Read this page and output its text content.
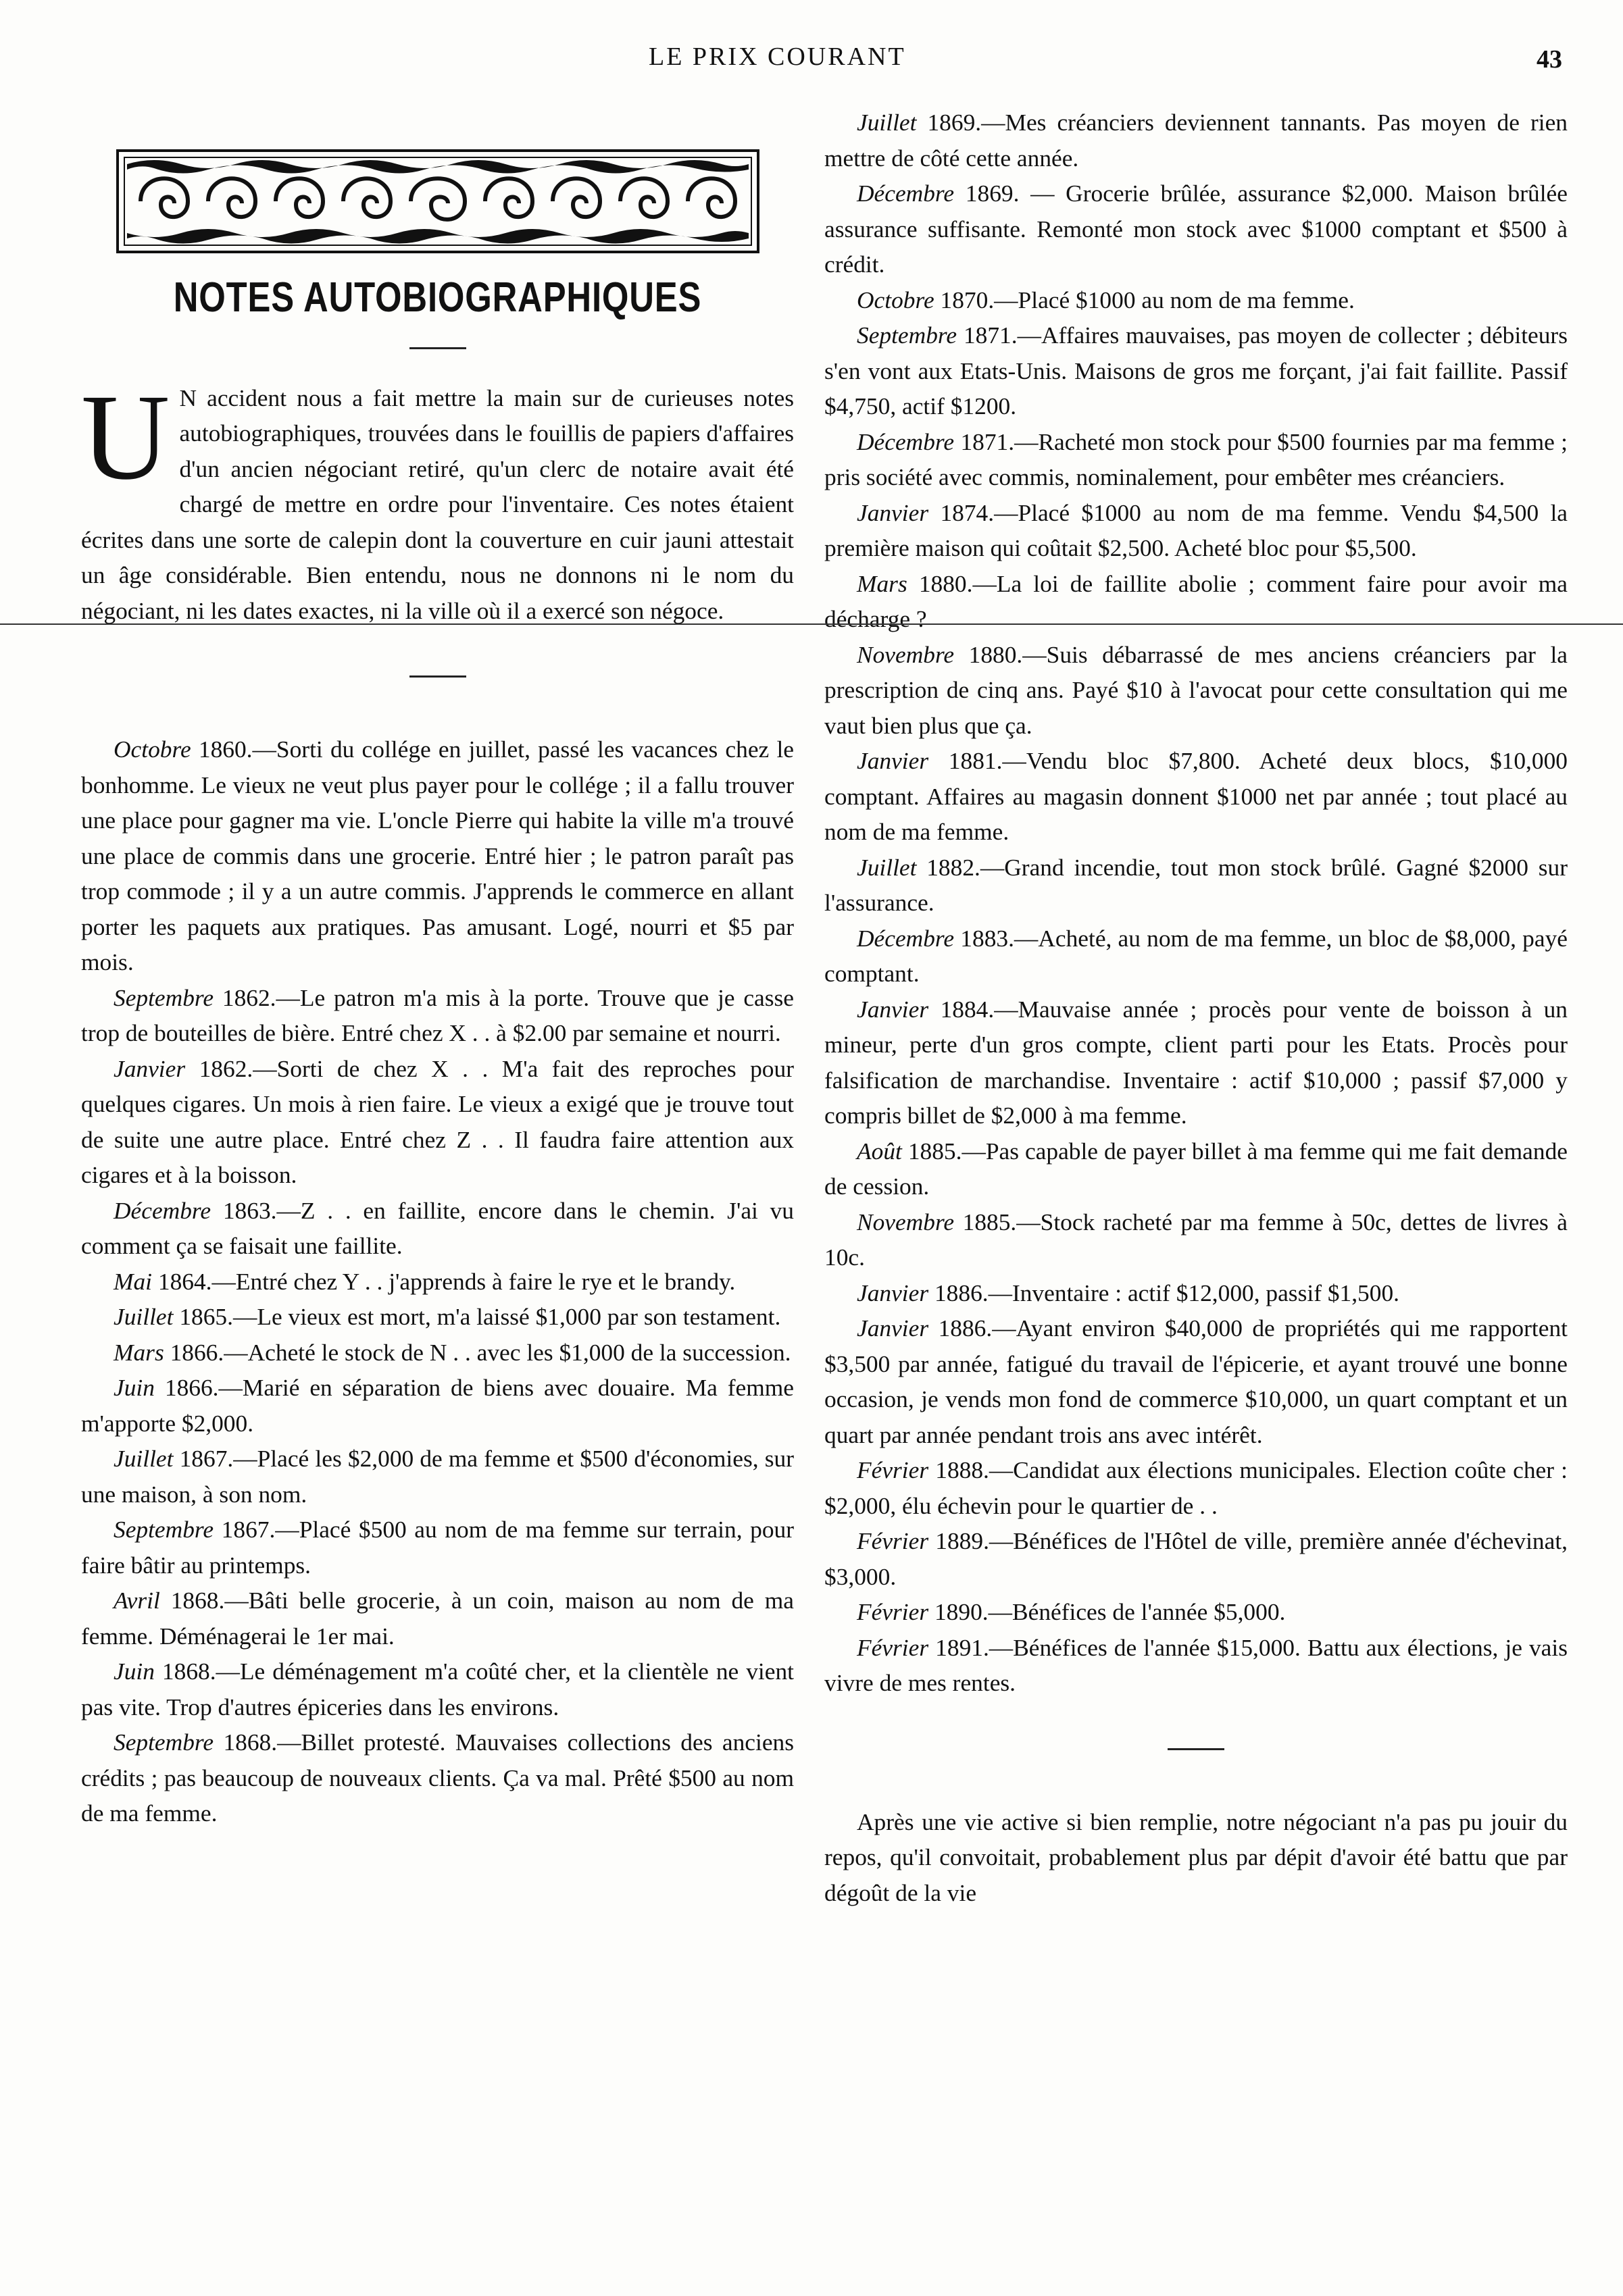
LE PRIX COURANT	43
NOTES AUTOBIOGRAPHIQUES
U N accident nous a fait mettre la main sur de curieuses notes autobiographiques, trouvées dans le fouillis de papiers d'affaires d'un ancien négociant retiré, qu'un clerc de notaire avait été chargé de mettre en ordre pour l'inventaire. Ces notes étaient écrites dans une sorte de calepin dont la couverture en cuir jauni attestait un âge considérable. Bien entendu, nous ne donnons ni le nom du négociant, ni les dates exactes, ni la ville où il a exercé son négoce.

Octobre 1860.—Sorti du collége en juillet, passé les vacances chez le bonhomme. Le vieux ne veut plus payer pour le collége ; il a fallu trouver une place pour gagner ma vie. L'oncle Pierre qui habite la ville m'a trouvé une place de commis dans une grocerie. Entré hier ; le patron paraît pas trop commode ; il y a un autre commis. J'apprends le commerce en allant porter les paquets aux pratiques. Pas amusant. Logé, nourri et $5 par mois.

Septembre 1862.—Le patron m'a mis à la porte. Trouve que je casse trop de bouteilles de bière. Entré chez X . . à $2.00 par semaine et nourri.

Janvier 1862.—Sorti de chez X . . M'a fait des reproches pour quelques cigares. Un mois à rien faire. Le vieux a exigé que je trouve tout de suite une autre place. Entré chez Z . . Il faudra faire attention aux cigares et à la boisson.

Décembre 1863.—Z . . en faillite, encore dans le chemin. J'ai vu comment ça se faisait une faillite.

Mai 1864.—Entré chez Y . . j'apprends à faire le rye et le brandy.

Juillet 1865.—Le vieux est mort, m'a laissé $1,000 par son testament.

Mars 1866.—Acheté le stock de N . . avec les $1,000 de la succession.

Juin 1866.—Marié en séparation de biens avec douaire. Ma femme m'apporte $2,000.

Juillet 1867.—Placé les $2,000 de ma femme et $500 d'économies, sur une maison, à son nom.

Septembre 1867.—Placé $500 au nom de ma femme sur terrain, pour faire bâtir au printemps.

Avril 1868.—Bâti belle grocerie, à un coin, maison au nom de ma femme. Déménagerai le 1er mai.

Juin 1868.—Le déménagement m'a coûté cher, et la clientèle ne vient pas vite. Trop d'autres épiceries dans les environs.

Septembre 1868.—Billet protesté. Mauvaises collections des anciens crédits ; pas beaucoup de nouveaux clients. Ça va mal. Prêté $500 au nom de ma femme.

Juillet 1869.—Mes créanciers deviennent tannants. Pas moyen de rien mettre de côté cette année.

Décembre 1869. — Grocerie brûlée, assurance $2,000. Maison brûlée assurance suffisante. Remonté mon stock avec $1000 comptant et $500 à crédit.

Octobre 1870.—Placé $1000 au nom de ma femme.

Septembre 1871.—Affaires mauvaises, pas moyen de collecter ; débiteurs s'en vont aux Etats-Unis. Maisons de gros me forçant, j'ai fait faillite. Passif $4,750, actif $1200.

Décembre 1871.—Racheté mon stock pour $500 fournies par ma femme ; pris société avec commis, nominalement, pour embêter mes créanciers.

Janvier 1874.—Placé $1000 au nom de ma femme. Vendu $4,500 la première maison qui coûtait $2,500. Acheté bloc pour $5,500.

Mars 1880.—La loi de faillite abolie ; comment faire pour avoir ma décharge ?

Novembre 1880.—Suis débarrassé de mes anciens créanciers par la prescription de cinq ans. Payé $10 à l'avocat pour cette consultation qui me vaut bien plus que ça.

Janvier 1881.—Vendu bloc $7,800. Acheté deux blocs, $10,000 comptant. Affaires au magasin donnent $1000 net par année ; tout placé au nom de ma femme.

Juillet 1882.—Grand incendie, tout mon stock brûlé. Gagné $2000 sur l'assurance.

Décembre 1883.—Acheté, au nom de ma femme, un bloc de $8,000, payé comptant.

Janvier 1884.—Mauvaise année ; procès pour vente de boisson à un mineur, perte d'un gros compte, client parti pour les Etats. Procès pour falsification de marchandise. Inventaire : actif $10,000 ; passif $7,000 y compris billet de $2,000 à ma femme.

Août 1885.—Pas capable de payer billet à ma femme qui me fait demande de cession.

Novembre 1885.—Stock racheté par ma femme à 50c, dettes de livres à 10c.

Janvier 1886.—Inventaire : actif $12,000, passif $1,500.

Janvier 1886.—Ayant environ $40,000 de propriétés qui me rapportent $3,500 par année, fatigué du travail de l'épicerie, et ayant trouvé une bonne occasion, je vends mon fond de commerce $10,000, un quart comptant et un quart par année pendant trois ans avec intérêt.

Février 1888.—Candidat aux élections municipales. Election coûte cher : $2,000, élu échevin pour le quartier de . .

Février 1889.—Bénéfices de l'Hôtel de ville, première année d'échevinat, $3,000.

Février 1890.—Bénéfices de l'année $5,000.

Février 1891.—Bénéfices de l'année $15,000. Battu aux élections, je vais vivre de mes rentes.

Après une vie active si bien remplie, notre négociant n'a pas pu jouir du repos, qu'il convoitait, probablement plus par dépit d'avoir été battu que par dégoût de la vie
